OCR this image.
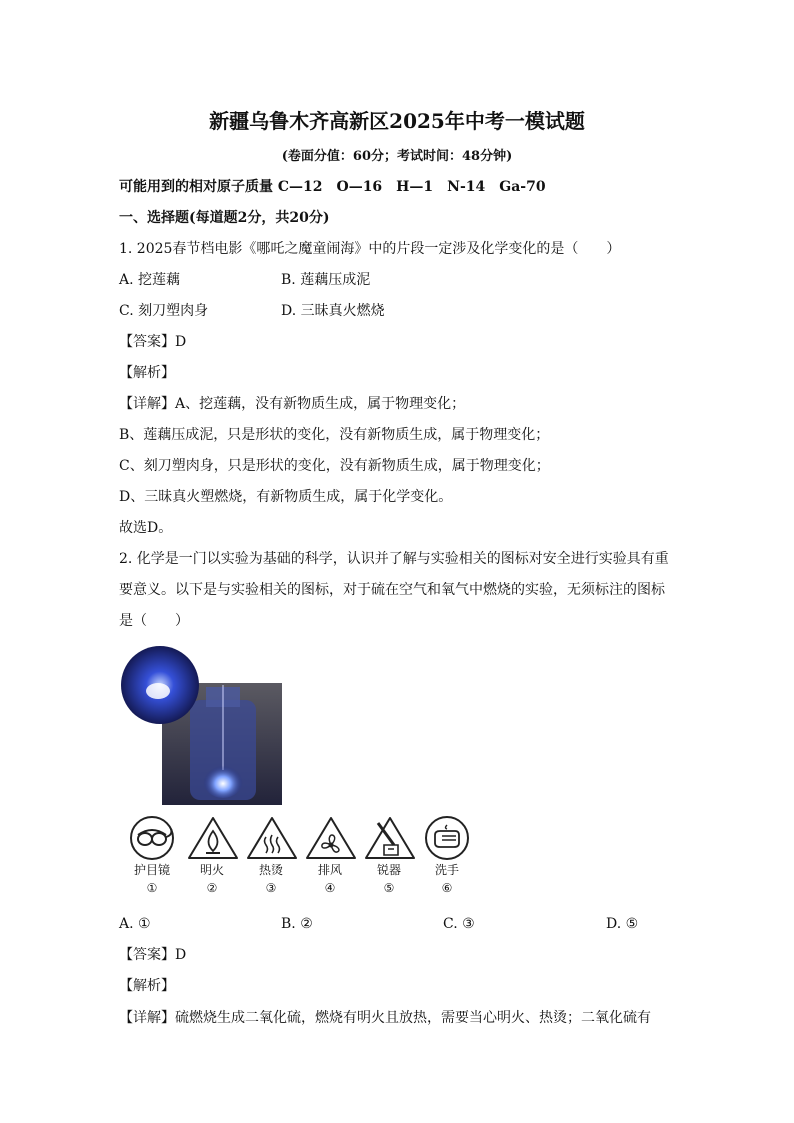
新疆乌鲁木齐高新区2025年中考一模试题
(卷面分值：60分；考试时间：48分钟)
可能用到的相对原子质量 C—12　O—16　H—1　N-14　Ga-70
一、选择题(每道题2分，共20分)
1. 2025春节档电影《哪吒之魔童闹海》中的片段一定涉及化学变化的是（　　）
A. 挖莲藕	B. 莲藕压成泥
C. 刻刀塑肉身	D. 三昧真火燃烧
【答案】D
【解析】
【详解】A、挖莲藕，没有新物质生成，属于物理变化；
B、莲藕压成泥，只是形状的变化，没有新物质生成，属于物理变化；
C、刻刀塑肉身，只是形状的变化，没有新物质生成，属于物理变化；
D、三昧真火塑燃烧，有新物质生成，属于化学变化。
故选D。
2. 化学是一门以实验为基础的科学，认识并了解与实验相关的图标对安全进行实验具有重
要意义。以下是与实验相关的图标，对于硫在空气和氧气中燃烧的实验，无须标注的图标
是（　　）
护目镜
①
明火
②
热烫
③
排风
④
锐器
⑤
洗手
⑥
A. ①	B. ②	C. ③	D. ⑤
【答案】D
【解析】
【详解】硫燃烧生成二氧化硫，燃烧有明火且放热，需要当心明火、热烫；二氧化硫有
